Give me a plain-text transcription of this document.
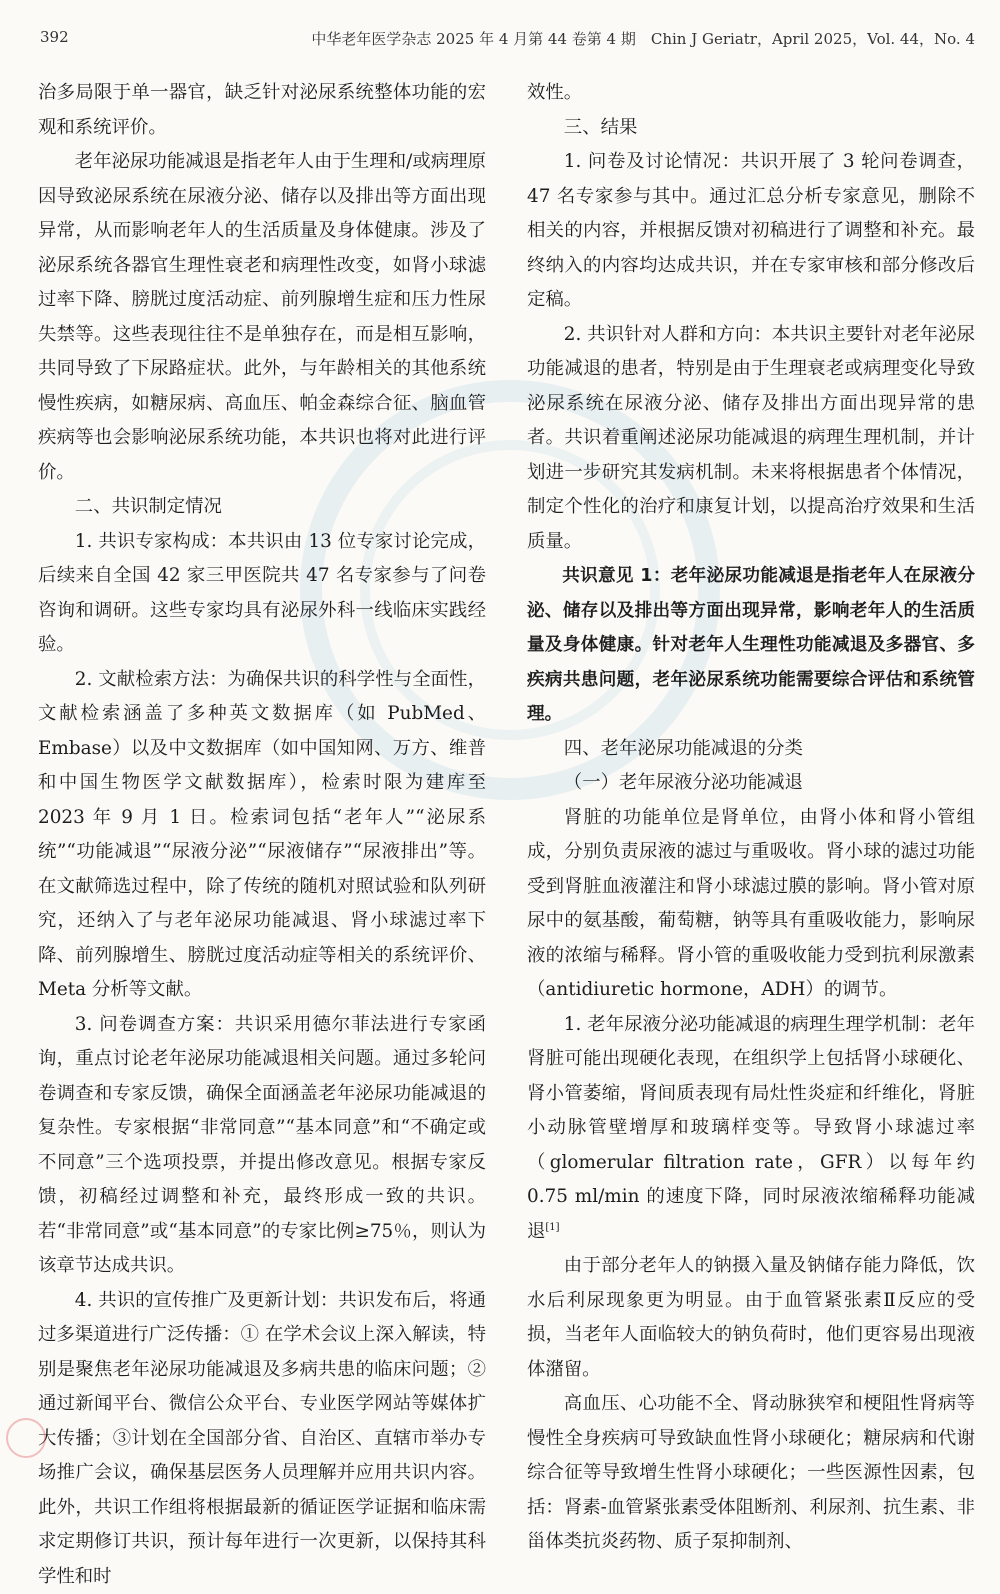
392	中华老年医学杂志 2025 年 4 月第 44 卷第 4 期　Chin J Geriatr，April 2025，Vol. 44，No. 4

治多局限于单一器官，缺乏针对泌尿系统整体功能的宏观和系统评价。

老年泌尿功能减退是指老年人由于生理和/或病理原因导致泌尿系统在尿液分泌、储存以及排出等方面出现异常，从而影响老年人的生活质量及身体健康。涉及了泌尿系统各器官生理性衰老和病理性改变，如肾小球滤过率下降、膀胱过度活动症、前列腺增生症和压力性尿失禁等。这些表现往往不是单独存在，而是相互影响，共同导致了下尿路症状。此外，与年龄相关的其他系统慢性疾病，如糖尿病、高血压、帕金森综合征、脑血管疾病等也会影响泌尿系统功能，本共识也将对此进行评价。

二、共识制定情况

1. 共识专家构成：本共识由 13 位专家讨论完成，后续来自全国 42 家三甲医院共 47 名专家参与了问卷咨询和调研。这些专家均具有泌尿外科一线临床实践经验。

2. 文献检索方法：为确保共识的科学性与全面性，文献检索涵盖了多种英文数据库（如 PubMed、Embase）以及中文数据库（如中国知网、万方、维普和中国生物医学文献数据库），检索时限为建库至 2023 年 9 月 1 日。检索词包括“老年人”“泌尿系统”“功能减退”“尿液分泌”“尿液储存”“尿液排出”等。在文献筛选过程中，除了传统的随机对照试验和队列研究，还纳入了与老年泌尿功能减退、肾小球滤过率下降、前列腺增生、膀胱过度活动症等相关的系统评价、Meta 分析等文献。

3. 问卷调查方案：共识采用德尔菲法进行专家函询，重点讨论老年泌尿功能减退相关问题。通过多轮问卷调查和专家反馈，确保全面涵盖老年泌尿功能减退的复杂性。专家根据“非常同意”“基本同意”和“不确定或不同意”三个选项投票，并提出修改意见。根据专家反馈，初稿经过调整和补充，最终形成一致的共识。若“非常同意”或“基本同意”的专家比例≥75％，则认为该章节达成共识。

4. 共识的宣传推广及更新计划：共识发布后，将通过多渠道进行广泛传播：① 在学术会议上深入解读，特别是聚焦老年泌尿功能减退及多病共患的临床问题；②通过新闻平台、微信公众平台、专业医学网站等媒体扩大传播；③计划在全国部分省、自治区、直辖市举办专场推广会议，确保基层医务人员理解并应用共识内容。此外，共识工作组将根据最新的循证医学证据和临床需求定期修订共识，预计每年进行一次更新，以保持其科学性和时

效性。

三、结果

1. 问卷及讨论情况：共识开展了 3 轮问卷调查，47 名专家参与其中。通过汇总分析专家意见，删除不相关的内容，并根据反馈对初稿进行了调整和补充。最终纳入的内容均达成共识，并在专家审核和部分修改后定稿。

2. 共识针对人群和方向：本共识主要针对老年泌尿功能减退的患者，特别是由于生理衰老或病理变化导致泌尿系统在尿液分泌、储存及排出方面出现异常的患者。共识着重阐述泌尿功能减退的病理生理机制，并计划进一步研究其发病机制。未来将根据患者个体情况，制定个性化的治疗和康复计划，以提高治疗效果和生活质量。

共识意见 1：老年泌尿功能减退是指老年人在尿液分泌、储存以及排出等方面出现异常，影响老年人的生活质量及身体健康。针对老年人生理性功能减退及多器官、多疾病共患问题，老年泌尿系统功能需要综合评估和系统管理。

四、老年泌尿功能减退的分类

（一）老年尿液分泌功能减退

肾脏的功能单位是肾单位，由肾小体和肾小管组成，分别负责尿液的滤过与重吸收。肾小球的滤过功能受到肾脏血液灌注和肾小球滤过膜的影响。肾小管对原尿中的氨基酸，葡萄糖，钠等具有重吸收能力，影响尿液的浓缩与稀释。肾小管的重吸收能力受到抗利尿激素（antidiuretic hormone，ADH）的调节。

1. 老年尿液分泌功能减退的病理生理学机制：老年肾脏可能出现硬化表现，在组织学上包括肾小球硬化、肾小管萎缩，肾间质表现有局灶性炎症和纤维化，肾脏小动脉管壁增厚和玻璃样变等。导致肾小球滤过率（glomerular filtration rate，GFR）以每年约 0.75 ml/min 的速度下降，同时尿液浓缩稀释功能减退[1]

由于部分老年人的钠摄入量及钠储存能力降低，饮水后利尿现象更为明显。由于血管紧张素Ⅱ反应的受损，当老年人面临较大的钠负荷时，他们更容易出现液体潴留。

高血压、心功能不全、肾动脉狭窄和梗阻性肾病等慢性全身疾病可导致缺血性肾小球硬化；糖尿病和代谢综合征等导致增生性肾小球硬化；一些医源性因素，包括：肾素-血管紧张素受体阻断剂、利尿剂、抗生素、非甾体类抗炎药物、质子泵抑制剂、
